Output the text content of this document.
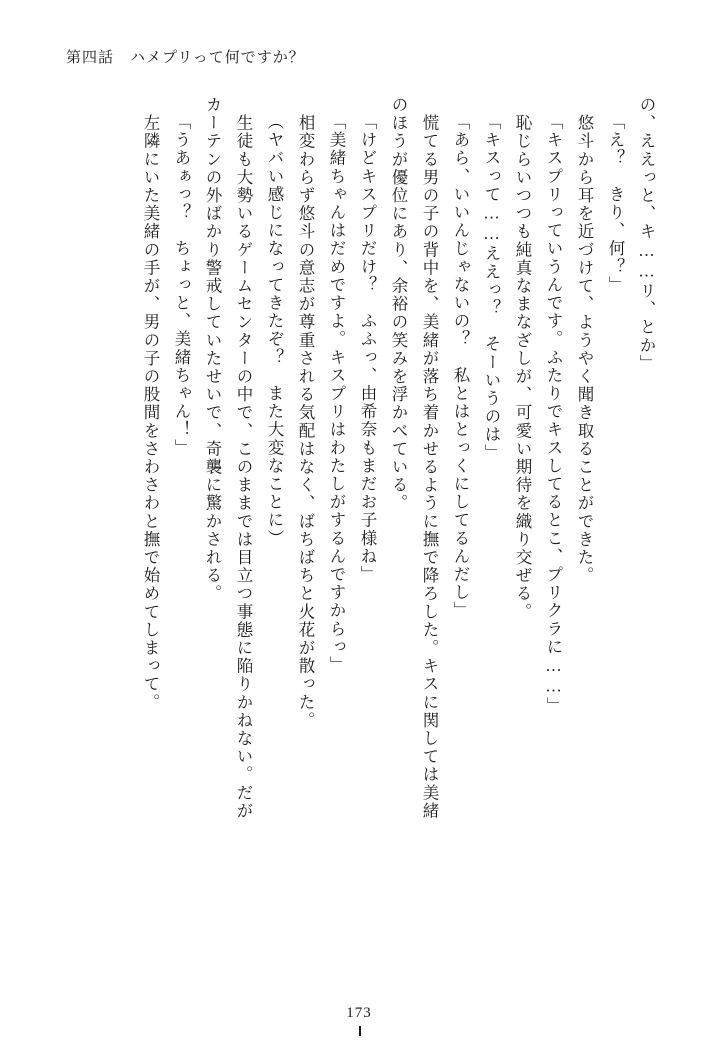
第四話　ハメプリって何ですか？
の、ええっと、キ……リ、とか」
「え？　きり、何？」
　悠斗から耳を近づけて、ようやく聞き取ることができた。
「キスプリっていうんです。ふたりでキスしてるとこ、プリクラに……」
　恥じらいつつも純真なまなざしが、可愛い期待を織り交ぜる。
「キスって……ええっ？　そーいうのは」
「あら、いいんじゃないの？　私とはとっくにしてるんだし」
　慌てる男の子の背中を、美緒が落ち着かせるように撫で降ろした。キスに関しては美緒
のほうが優位にあり、余裕の笑みを浮かべている。
「けどキスプリだけ？　ふふっ、由希奈もまだお子様ね」
「美緒ちゃんはだめですよ。キスプリはわたしがするんですからっ」
　相変わらず悠斗の意志が尊重される気配はなく、ばちばちと火花が散った。
（ヤバい感じになってきたぞ？　また大変なことに）
　生徒も大勢いるゲームセンターの中で、このままでは目立つ事態に陥りかねない。だが
カーテンの外ばかり警戒していたせいで、奇襲に驚かされる。
「うあぁっ？　ちょっと、美緒ちゃん！」
　左隣にいた美緒の手が、男の子の股間をさわさわと撫で始めてしまって。
173
